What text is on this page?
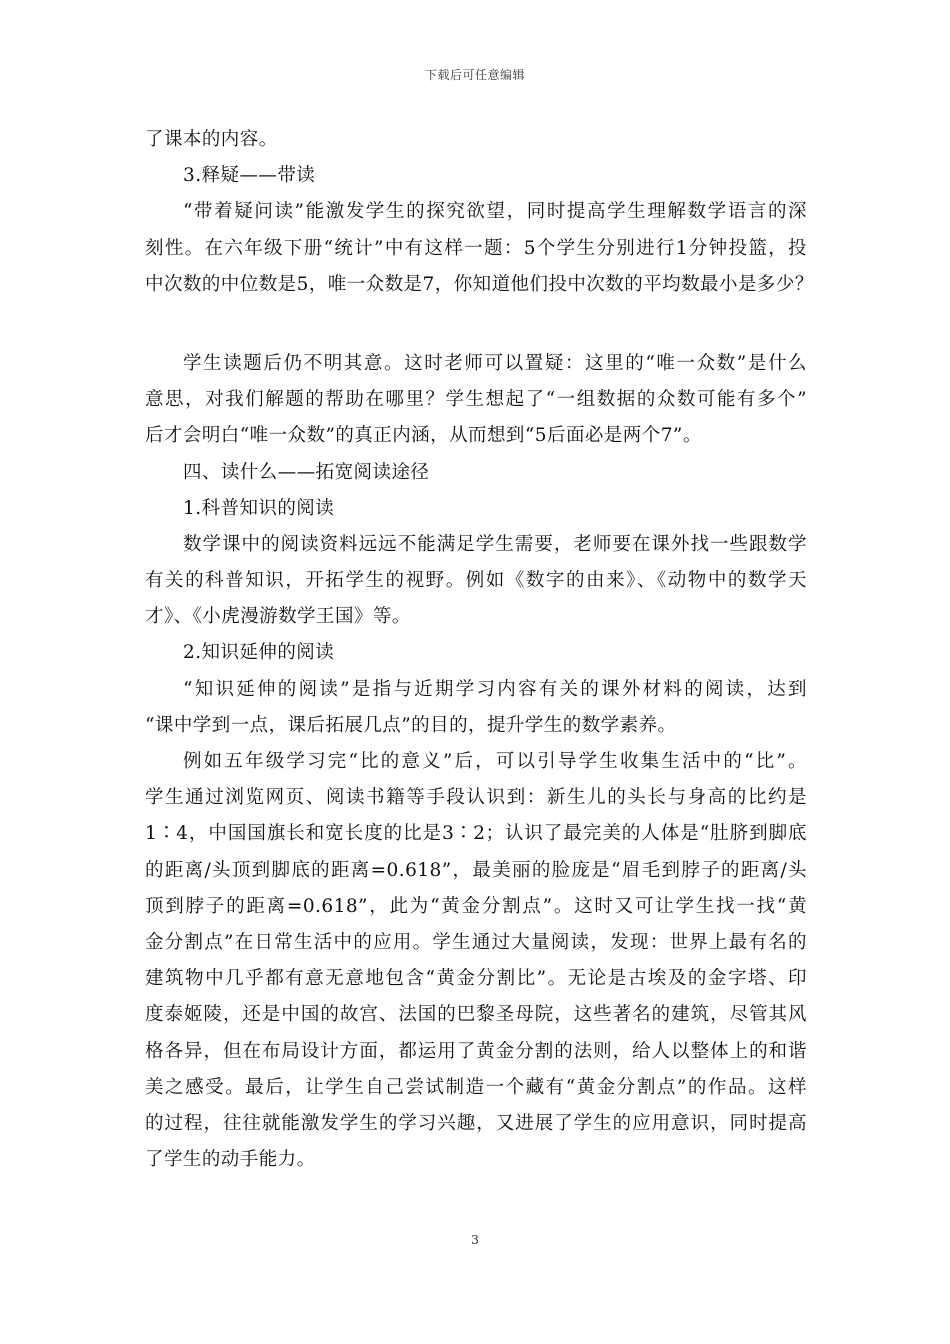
下载后可任意编辑
了课本的内容。
3.释疑——带读
“带着疑问读”能激发学生的探究欲望，同时提高学生理解数学语言的深
刻性。在六年级下册“统计”中有这样一题：5个学生分别进行1分钟投篮，投
中次数的中位数是5，唯一众数是7，你知道他们投中次数的平均数最小是多少？
学生读题后仍不明其意。这时老师可以置疑：这里的“唯一众数”是什么
意思，对我们解题的帮助在哪里？学生想起了“一组数据的众数可能有多个”
后才会明白“唯一众数”的真正内涵，从而想到“5后面必是两个7”。
四、读什么——拓宽阅读途径
1.科普知识的阅读
数学课中的阅读资料远远不能满足学生需要，老师要在课外找一些跟数学
有关的科普知识，开拓学生的视野。例如《数字的由来》、《动物中的数学天
才》、《小虎漫游数学王国》等。
2.知识延伸的阅读
“知识延伸的阅读”是指与近期学习内容有关的课外材料的阅读，达到
“课中学到一点，课后拓展几点”的目的，提升学生的数学素养。
例如五年级学习完“比的意义”后，可以引导学生收集生活中的“比”。
学生通过浏览网页、阅读书籍等手段认识到：新生儿的头长与身高的比约是
1∶4，中国国旗长和宽长度的比是3∶2；认识了最完美的人体是“肚脐到脚底
的距离/头顶到脚底的距离=0.618”，最美丽的脸庞是“眉毛到脖子的距离/头
顶到脖子的距离=0.618”，此为“黄金分割点”。这时又可让学生找一找“黄
金分割点”在日常生活中的应用。学生通过大量阅读，发现：世界上最有名的
建筑物中几乎都有意无意地包含“黄金分割比”。无论是古埃及的金字塔、印
度泰姬陵，还是中国的故宫、法国的巴黎圣母院，这些著名的建筑，尽管其风
格各异，但在布局设计方面，都运用了黄金分割的法则，给人以整体上的和谐
美之感受。最后，让学生自己尝试制造一个藏有“黄金分割点”的作品。这样
的过程，往往就能激发学生的学习兴趣，又进展了学生的应用意识，同时提高
了学生的动手能力。
3
